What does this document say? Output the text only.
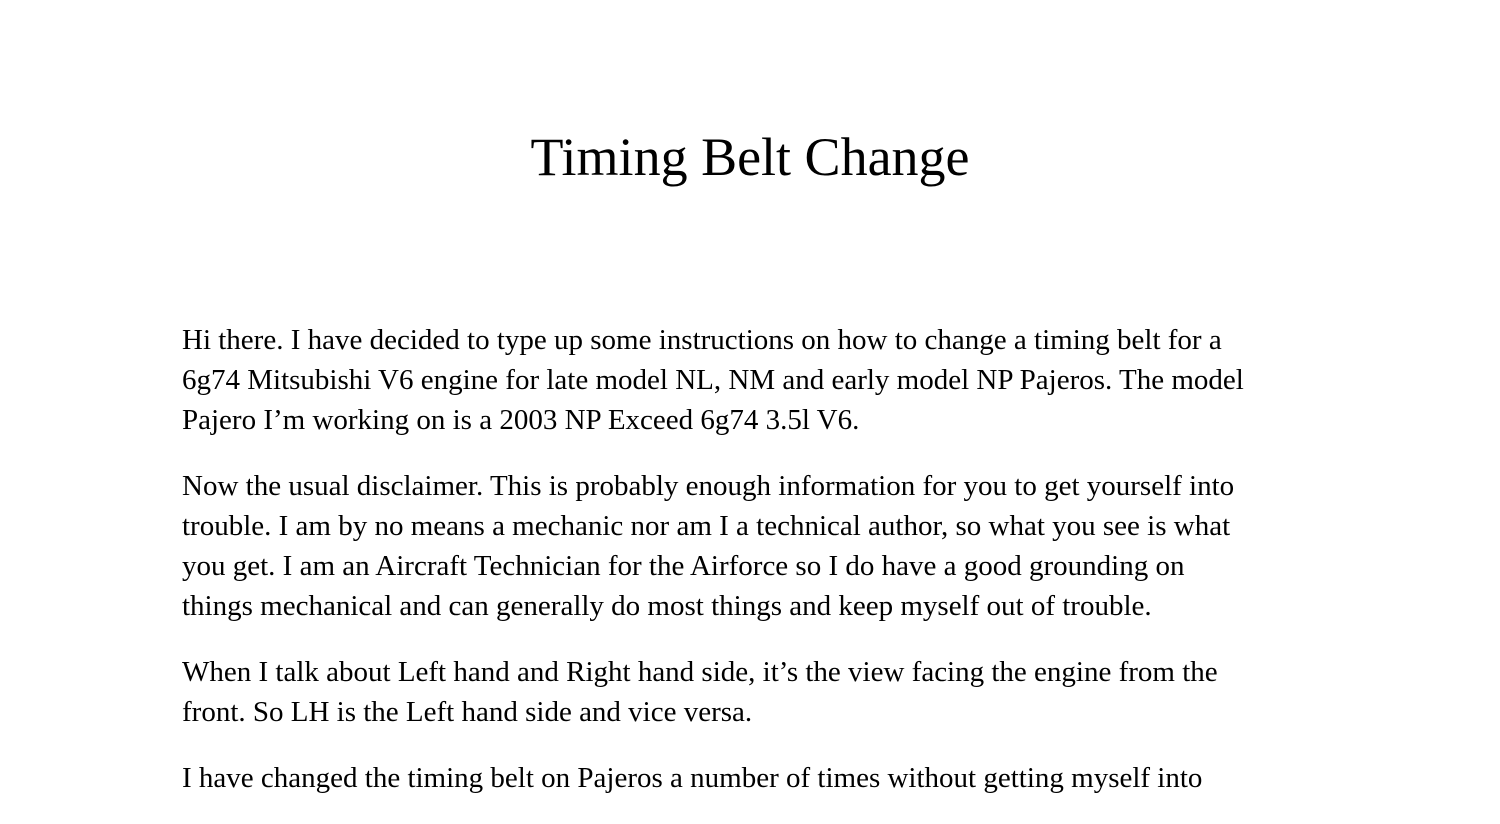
Timing Belt Change
Hi there. I have decided to type up some instructions on how to change a timing belt for a
6g74 Mitsubishi V6 engine for late model NL, NM and early model NP Pajeros. The model
Pajero I’m working on is a 2003 NP Exceed 6g74 3.5l V6.
Now the usual disclaimer. This is probably enough information for you to get yourself into
trouble. I am by no means a mechanic nor am I a technical author, so what you see is what
you get. I am an Aircraft Technician for the Airforce so I do have a good grounding on
things mechanical and can generally do most things and keep myself out of trouble.
When I talk about Left hand and Right hand side, it’s the view facing the engine from the
front. So LH is the Left hand side and vice versa.
I have changed the timing belt on Pajeros a number of times without getting myself into
